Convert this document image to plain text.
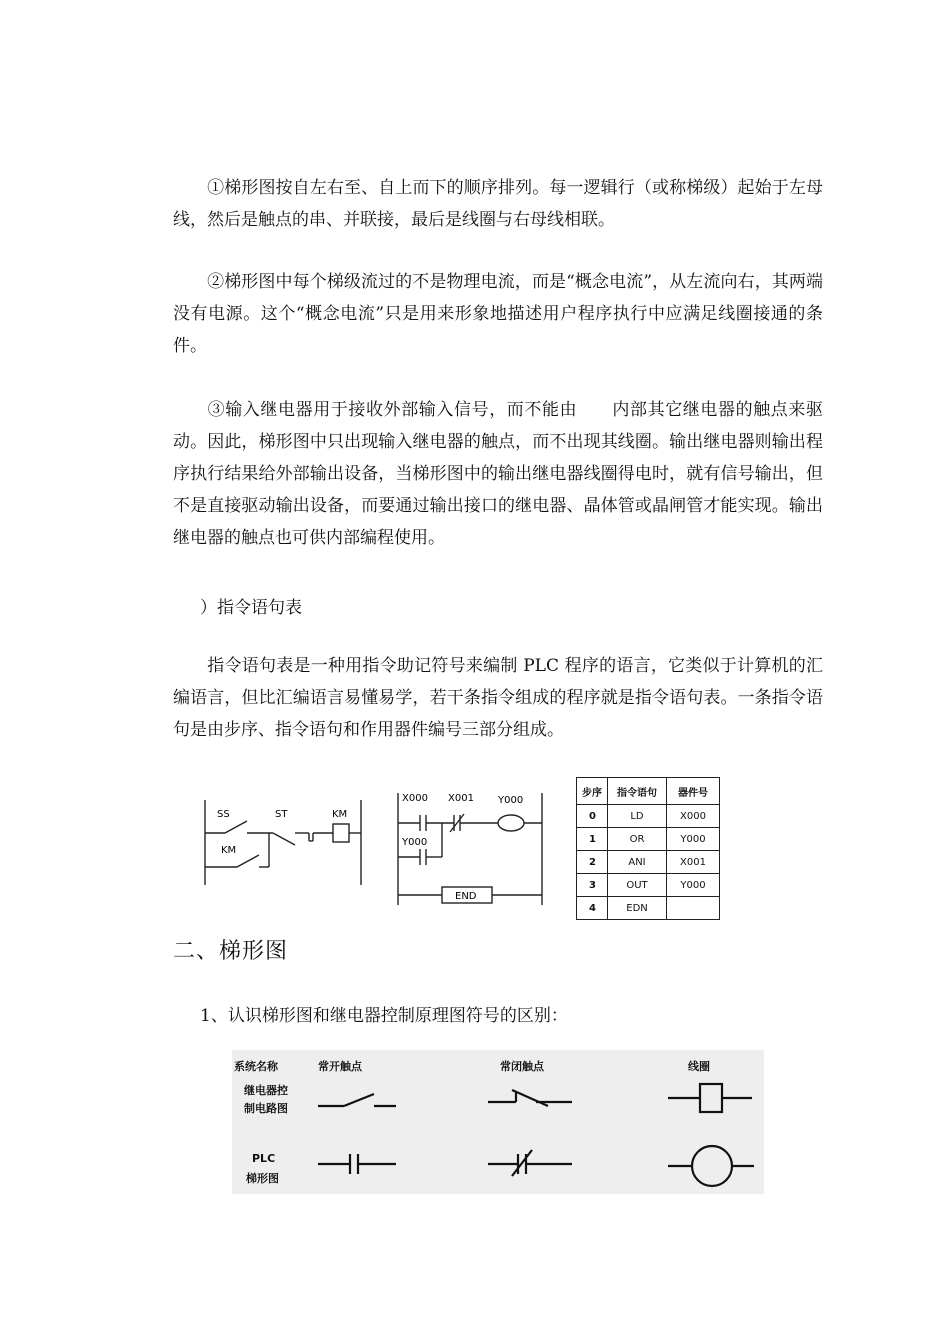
①梯形图按自左右至、自上而下的顺序排列。每一逻辑行（或称梯级）起始于左母线，然后是触点的串、并联接，最后是线圈与右母线相联。

②梯形图中每个梯级流过的不是物理电流，而是“概念电流”，从左流向右，其两端没有电源。这个“概念电流”只是用来形象地描述用户程序执行中应满足线圈接通的条件。

③输入继电器用于接收外部输入信号，而不能由　　内部其它继电器的触点来驱动。因此，梯形图中只出现输入继电器的触点，而不出现其线圈。输出继电器则输出程序执行结果给外部输出设备，当梯形图中的输出继电器线圈得电时，就有信号输出，但不是直接驱动输出设备，而要通过输出接口的继电器、晶体管或晶闸管才能实现。输出继电器的触点也可供内部编程使用。

）指令语句表

指令语句表是一种用指令助记符号来编制 PLC 程序的语言，它类似于计算机的汇编语言，但比汇编语言易懂易学，若干条指令组成的程序就是指令语句表。一条指令语句是由步序、指令语句和作用器件编号三部分组成。

SS	ST	KM
KM
X000 X001 Y000
Y000
END
步序	指令语句	器件号
0	LD	X000
1	OR	Y000
2	ANI	X001
3	OUT	Y000
4	EDN	
二、梯形图
1、认识梯形图和继电器控制原理图符号的区别：
系统名称	常开触点	常闭触点	线圈
继电器控
制电路图
PLC
梯形图
